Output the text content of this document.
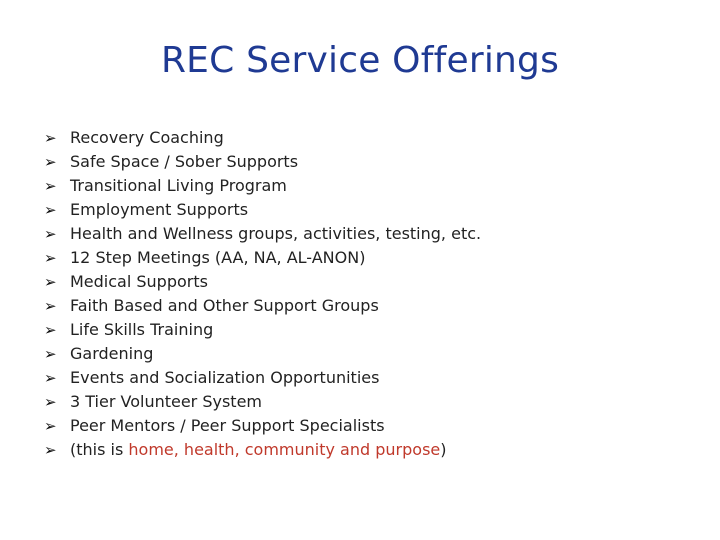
REC Service Offerings
➢ Recovery Coaching
➢ Safe Space / Sober Supports
➢ Transitional Living Program
➢ Employment Supports
➢ Health and Wellness groups, activities, testing, etc.
➢ 12 Step Meetings (AA, NA, AL-ANON)
➢ Medical Supports
➢ Faith Based and Other Support Groups
➢ Life Skills Training
➢ Gardening
➢ Events and Socialization Opportunities
➢ 3 Tier Volunteer System
➢ Peer Mentors / Peer Support Specialists
➢ (this is home, health, community and purpose)
